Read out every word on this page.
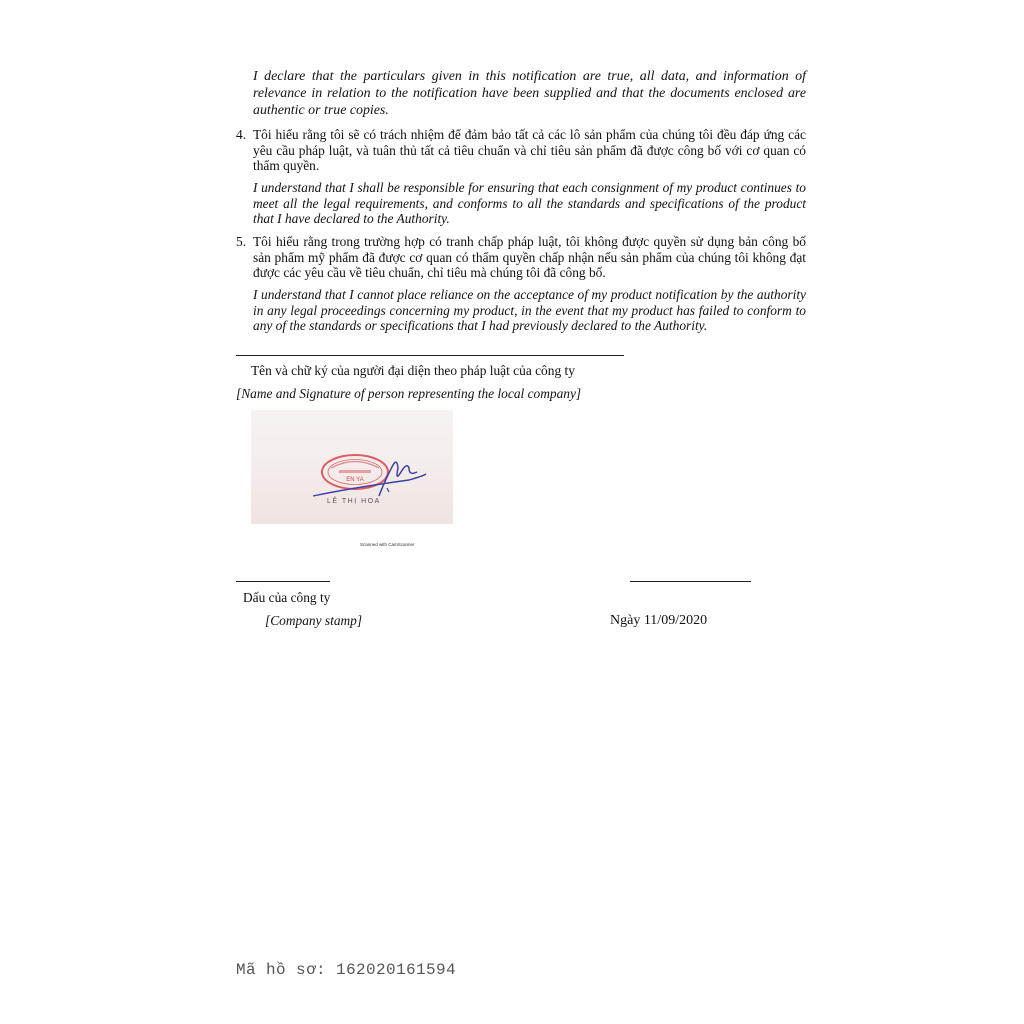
I declare that the particulars given in this notification are true, all data, and information of relevance in relation to the notification have been supplied and that the documents enclosed are authentic or true copies.
4. Tôi hiểu rằng tôi sẽ có trách nhiệm để đảm bảo tất cả các lô sản phẩm của chúng tôi đều đáp ứng các yêu cầu pháp luật, và tuân thủ tất cả tiêu chuẩn và chỉ tiêu sản phẩm đã được công bố với cơ quan có thẩm quyền.
I understand that I shall be responsible for ensuring that each consignment of my product continues to meet all the legal requirements, and conforms to all the standards and specifications of the product that I have declared to the Authority.
5. Tôi hiểu rằng trong trường hợp có tranh chấp pháp luật, tôi không được quyền sử dụng bản công bố sản phẩm mỹ phẩm đã được cơ quan có thẩm quyền chấp nhận nếu sản phẩm của chúng tôi không đạt được các yêu cầu về tiêu chuẩn, chỉ tiêu mà chúng tôi đã công bố.
I understand that I cannot place reliance on the acceptance of my product notification by the authority in any legal proceedings concerning my product, in the event that my product has failed to conform to any of the standards or specifications that I had previously declared to the Authority.
Tên và chữ ký của người đại diện theo pháp luật của công ty
[Name and Signature of person representing the local company]
EN YA
LÊ THỊ HOA
Scanned with CamScanner
Dấu của công ty
[Company stamp]	Ngày 11/09/2020
Mã hồ sơ: 162020161594
